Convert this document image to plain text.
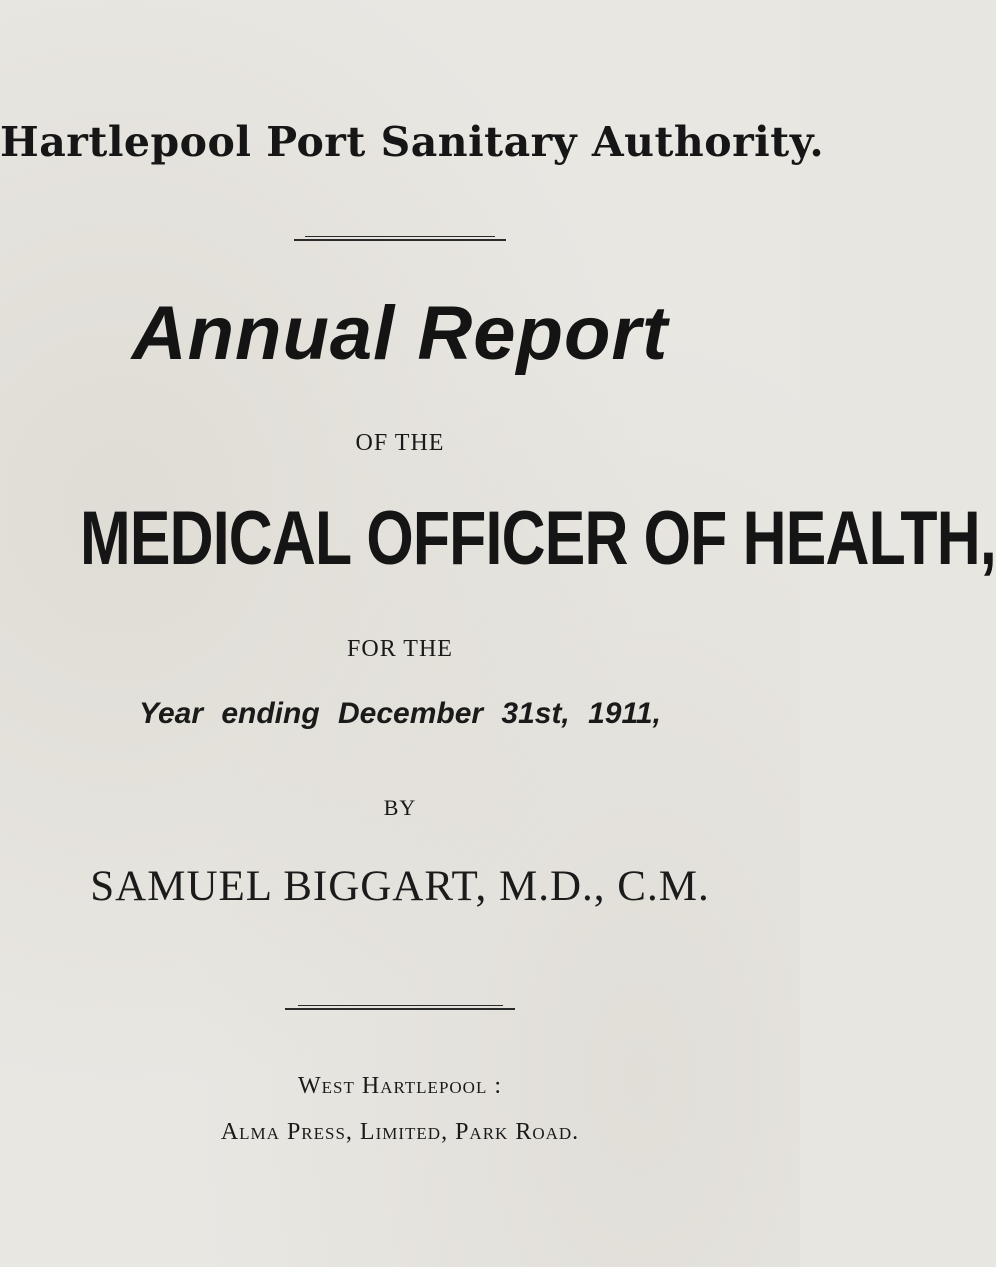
Hartlepool Port Sanitary Authority.
Annual Report
OF THE
MEDICAL OFFICER OF HEALTH,
FOR THE
Year ending December 31st, 1911,
BY
SAMUEL BIGGART, M.D., C.M.
West Hartlepool :
Alma Press, Limited, Park Road.
